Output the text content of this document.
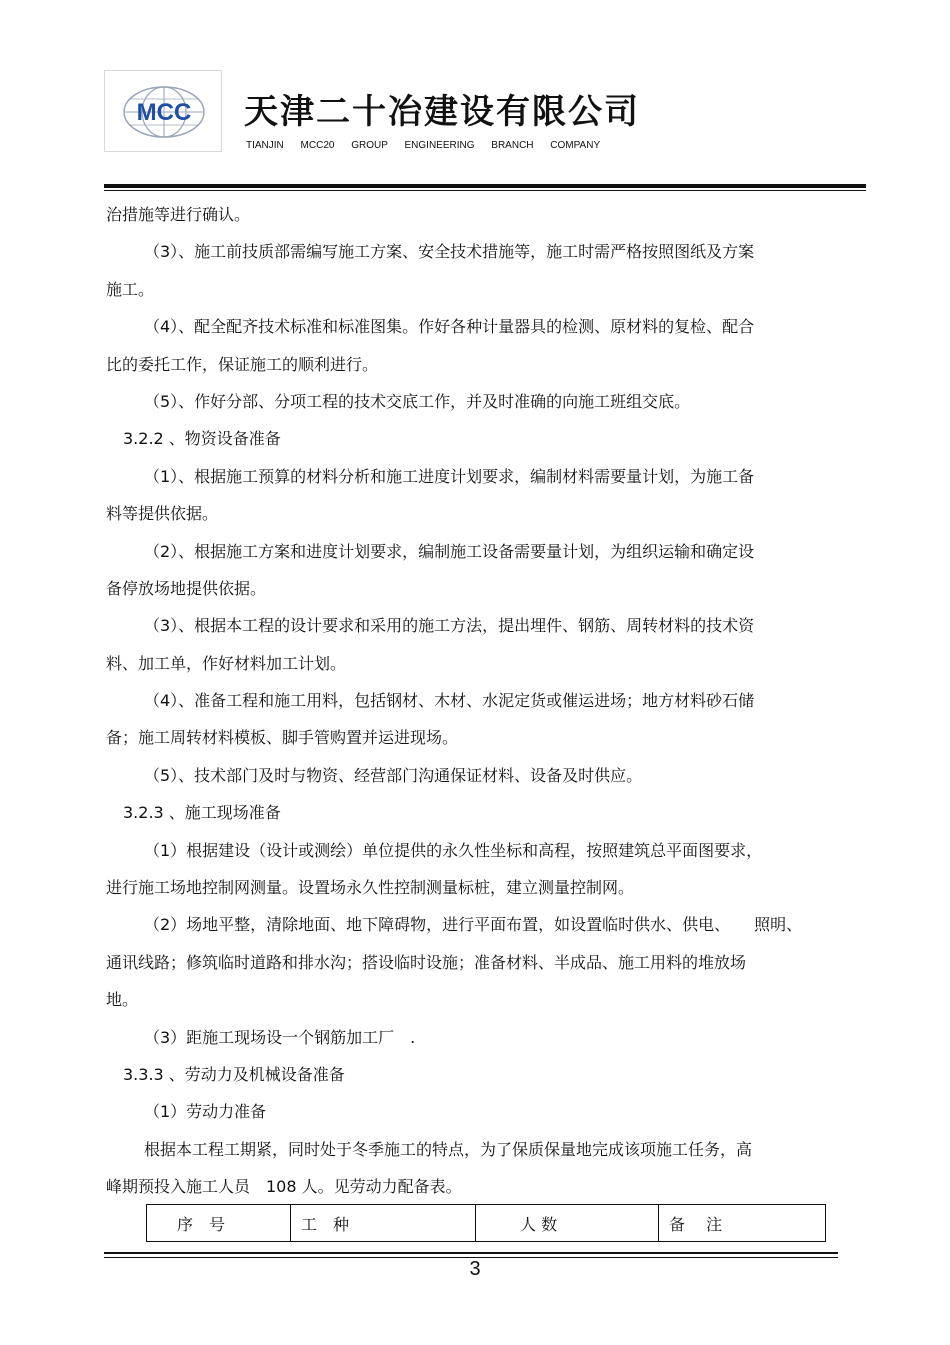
MCC 天津二十冶建设有限公司
TIANJIN MCC20 GROUP ENGINEERING BRANCH COMPANY
治措施等进行确认。
（3）、施工前技质部需编写施工方案、安全技术措施等，施工时需严格按照图纸及方案
施工。
（4）、配全配齐技术标准和标准图集。作好各种计量器具的检测、原材料的复检、配合
比的委托工作，保证施工的顺利进行。
（5）、作好分部、分项工程的技术交底工作，并及时准确的向施工班组交底。
3.2.2 、物资设备准备
（1）、根据施工预算的材料分析和施工进度计划要求，编制材料需要量计划，为施工备
料等提供依据。
（2）、根据施工方案和进度计划要求，编制施工设备需要量计划，为组织运输和确定设
备停放场地提供依据。
（3）、根据本工程的设计要求和采用的施工方法，提出埋件、钢筋、周转材料的技术资
料、加工单，作好材料加工计划。
（4）、准备工程和施工用料，包括钢材、木材、水泥定货或催运进场；地方材料砂石储
备；施工周转材料模板、脚手管购置并运进现场。
（5）、技术部门及时与物资、经营部门沟通保证材料、设备及时供应。
3.2.3 、施工现场准备
（1）根据建设（设计或测绘）单位提供的永久性坐标和高程，按照建筑总平面图要求，
进行施工场地控制网测量。设置场永久性控制测量标桩，建立测量控制网。
（2）场地平整，清除地面、地下障碍物，进行平面布置，如设置临时供水、供电、　　照明、
通讯线路；修筑临时道路和排水沟；搭设临时设施；准备材料、半成品、施工用料的堆放场
地。
（3）距施工现场设一个钢筋加工厂　.
3.3.3 、劳动力及机械设备准备
（1）劳动力准备
根据本工程工期紧，同时处于冬季施工的特点，为了保质保量地完成该项施工任务，高
峰期预投入施工人员　108 人。见劳动力配备表。
序　号	工　种	人 数	备　 注
3
